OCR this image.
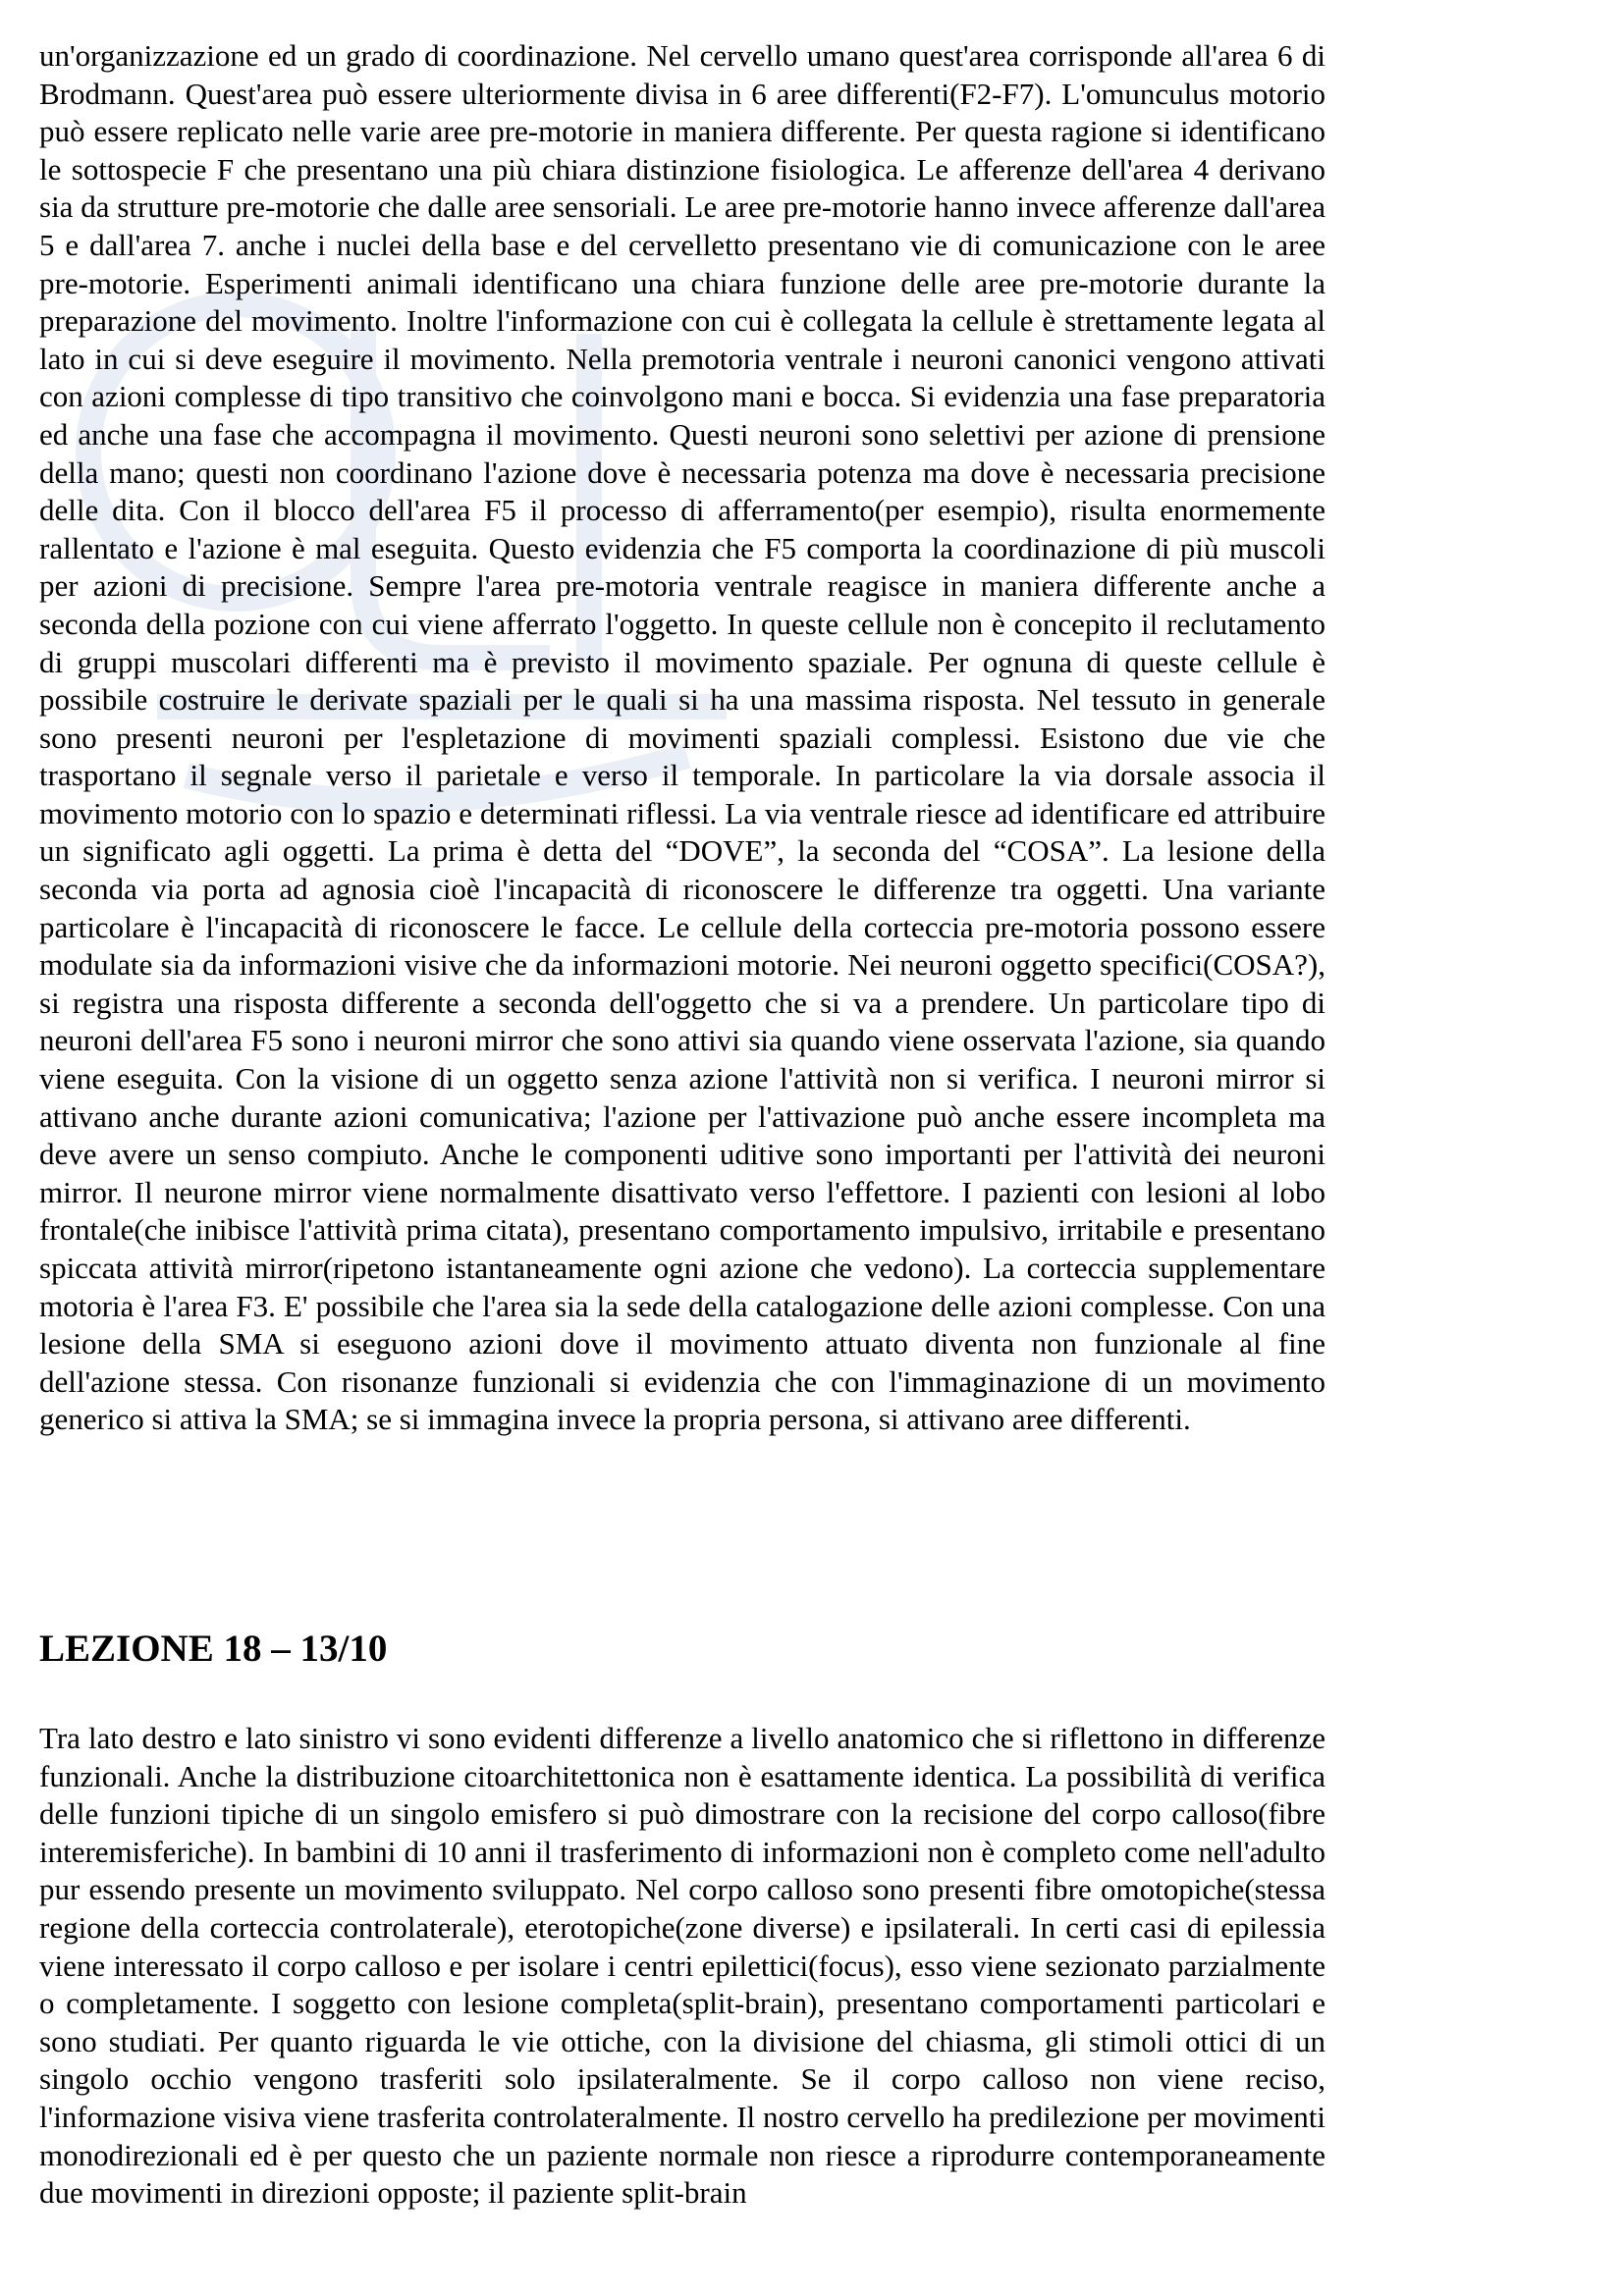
un'organizzazione ed un grado di coordinazione. Nel cervello umano quest'area corrisponde all'area 6 di Brodmann. Quest'area può essere ulteriormente divisa in 6 aree differenti(F2-F7). L'omunculus motorio può essere replicato nelle varie aree pre-motorie in maniera differente. Per questa ragione si identificano le sottospecie F che presentano una più chiara distinzione fisiologica. Le afferenze dell'area 4 derivano sia da strutture pre-motorie che dalle aree sensoriali. Le aree pre-motorie hanno invece afferenze dall'area 5 e dall'area 7. anche i nuclei della base e del cervelletto presentano vie di comunicazione con le aree pre-motorie. Esperimenti animali identificano una chiara funzione delle aree pre-motorie durante la preparazione del movimento. Inoltre l'informazione con cui è collegata la cellule è strettamente legata al lato in cui si deve eseguire il movimento. Nella premotoria ventrale i neuroni canonici vengono attivati con azioni complesse di tipo transitivo che coinvolgono mani e bocca. Si evidenzia una fase preparatoria ed anche una fase che accompagna il movimento. Questi neuroni sono selettivi per azione di prensione della mano; questi non coordinano l'azione dove è necessaria potenza ma dove è necessaria precisione delle dita. Con il blocco dell'area F5 il processo di afferramento(per esempio), risulta enormemente rallentato e l'azione è mal eseguita. Questo evidenzia che F5 comporta la coordinazione di più muscoli per azioni di precisione. Sempre l'area pre-motoria ventrale reagisce in maniera differente anche a seconda della pozione con cui viene afferrato l'oggetto. In queste cellule non è concepito il reclutamento di gruppi muscolari differenti ma è previsto il movimento spaziale. Per ognuna di queste cellule è possibile costruire le derivate spaziali per le quali si ha una massima risposta. Nel tessuto in generale sono presenti neuroni per l'espletazione di movimenti spaziali complessi. Esistono due vie che trasportano il segnale verso il parietale e verso il temporale. In particolare la via dorsale associa il movimento motorio con lo spazio e determinati riflessi. La via ventrale riesce ad identificare ed attribuire un significato agli oggetti. La prima è detta del “DOVE”, la seconda del “COSA”. La lesione della seconda via porta ad agnosia cioè l'incapacità di riconoscere le differenze tra oggetti. Una variante particolare è l'incapacità di riconoscere le facce. Le cellule della corteccia pre-motoria possono essere modulate sia da informazioni visive che da informazioni motorie. Nei neuroni oggetto specifici(COSA?), si registra una risposta differente a seconda dell'oggetto che si va a prendere. Un particolare tipo di neuroni dell'area F5 sono i neuroni mirror che sono attivi sia quando viene osservata l'azione, sia quando viene eseguita. Con la visione di un oggetto senza azione l'attività non si verifica. I neuroni mirror si attivano anche durante azioni comunicativa; l'azione per l'attivazione può anche essere incompleta ma deve avere un senso compiuto. Anche le componenti uditive sono importanti per l'attività dei neuroni mirror. Il neurone mirror viene normalmente disattivato verso l'effettore. I pazienti con lesioni al lobo frontale(che inibisce l'attività prima citata), presentano comportamento impulsivo, irritabile e presentano spiccata attività mirror(ripetono istantaneamente ogni azione che vedono). La corteccia supplementare motoria è l'area F3. E' possibile che l'area sia la sede della catalogazione delle azioni complesse. Con una lesione della SMA si eseguono azioni dove il movimento attuato diventa non funzionale al fine dell'azione stessa. Con risonanze funzionali si evidenzia che con l'immaginazione di un movimento generico si attiva la SMA; se si immagina invece la propria persona, si attivano aree differenti.
LEZIONE 18 – 13/10
Tra lato destro e lato sinistro vi sono evidenti differenze a livello anatomico che si riflettono in differenze funzionali. Anche la distribuzione citoarchitettonica non è esattamente identica. La possibilità di verifica delle funzioni tipiche di un singolo emisfero si può dimostrare con la recisione del corpo calloso(fibre interemisferiche). In bambini di 10 anni il trasferimento di informazioni non è completo come nell'adulto pur essendo presente un movimento sviluppato. Nel corpo calloso sono presenti fibre omotopiche(stessa regione della corteccia controlaterale), eterotopiche(zone diverse) e ipsilaterali. In certi casi di epilessia viene interessato il corpo calloso e per isolare i centri epilettici(focus), esso viene sezionato parzialmente o completamente. I soggetto con lesione completa(split-brain), presentano comportamenti particolari e sono studiati. Per quanto riguarda le vie ottiche, con la divisione del chiasma, gli stimoli ottici di un singolo occhio vengono trasferiti solo ipsilateralmente. Se il corpo calloso non viene reciso, l'informazione visiva viene trasferita controlateralmente. Il nostro cervello ha predilezione per movimenti monodirezionali ed è per questo che un paziente normale non riesce a riprodurre contemporaneamente due movimenti in direzioni opposte; il paziente split-brain
